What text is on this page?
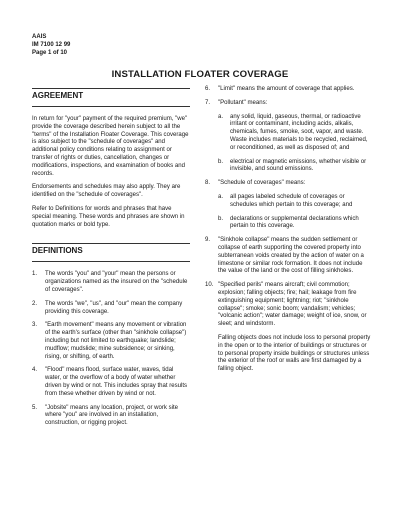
AAIS
IM 7100 12 99
Page 1 of 10
INSTALLATION FLOATER COVERAGE
AGREEMENT

In return for "your" payment of the required premium, "we" provide the coverage described herein subject to all the "terms" of the Installation Floater Coverage. This coverage is also subject to the "schedule of coverages" and additional policy conditions relating to assignment or transfer of rights or duties, cancellation, changes or modifications, inspections, and examination of books and records.

Endorsements and schedules may also apply. They are identified on the "schedule of coverages".

Refer to Definitions for words and phrases that have special meaning. These words and phrases are shown in quotation marks or bold type.

DEFINITIONS
1.	The words "you" and "your" mean the persons or organizations named as the insured on the "schedule of coverages".
2.	The words "we", "us", and "our" mean the company providing this coverage.
3.	"Earth movement" means any movement or vibration of the earth's surface (other than "sinkhole collapse") including but not limited to earthquake; landslide; mudflow; mudslide; mine subsidence; or sinking, rising, or shifting, of earth.
4.	"Flood" means flood, surface water, waves, tidal water, or the overflow of a body of water whether driven by wind or not. This includes spray that results from these whether driven by wind or not.
5.	"Jobsite" means any location, project, or work site where "you" are involved in an installation, construction, or rigging project.
6.	"Limit" means the amount of coverage that applies.
7.	"Pollutant" means:
a.	any solid, liquid, gaseous, thermal, or radioactive irritant or contaminant, including acids, alkalis, chemicals, fumes, smoke, soot, vapor, and waste. Waste includes materials to be recycled, reclaimed, or reconditioned, as well as disposed of; and
b.	electrical or magnetic emissions, whether visible or invisible, and sound emissions.
8.	"Schedule of coverages" means:
a.	all pages labeled schedule of coverages or schedules which pertain to this coverage; and
b.	declarations or supplemental declarations which pertain to this coverage.
9.	"Sinkhole collapse" means the sudden settlement or collapse of earth supporting the covered property into subterranean voids created by the action of water on a limestone or similar rock formation. It does not include the value of the land or the cost of filling sinkholes.
10. "Specified perils" means aircraft; civil commotion; explosion; falling objects; fire; hail; leakage from fire extinguishing equipment; lightning; riot; "sinkhole collapse"; smoke; sonic boom; vandalism; vehicles; "volcanic action"; water damage; weight of ice, snow, or sleet; and windstorm.

Falling objects does not include loss to personal property in the open or to the interior of buildings or structures or to personal property inside buildings or structures unless the exterior of the roof or walls are first damaged by a falling object.
